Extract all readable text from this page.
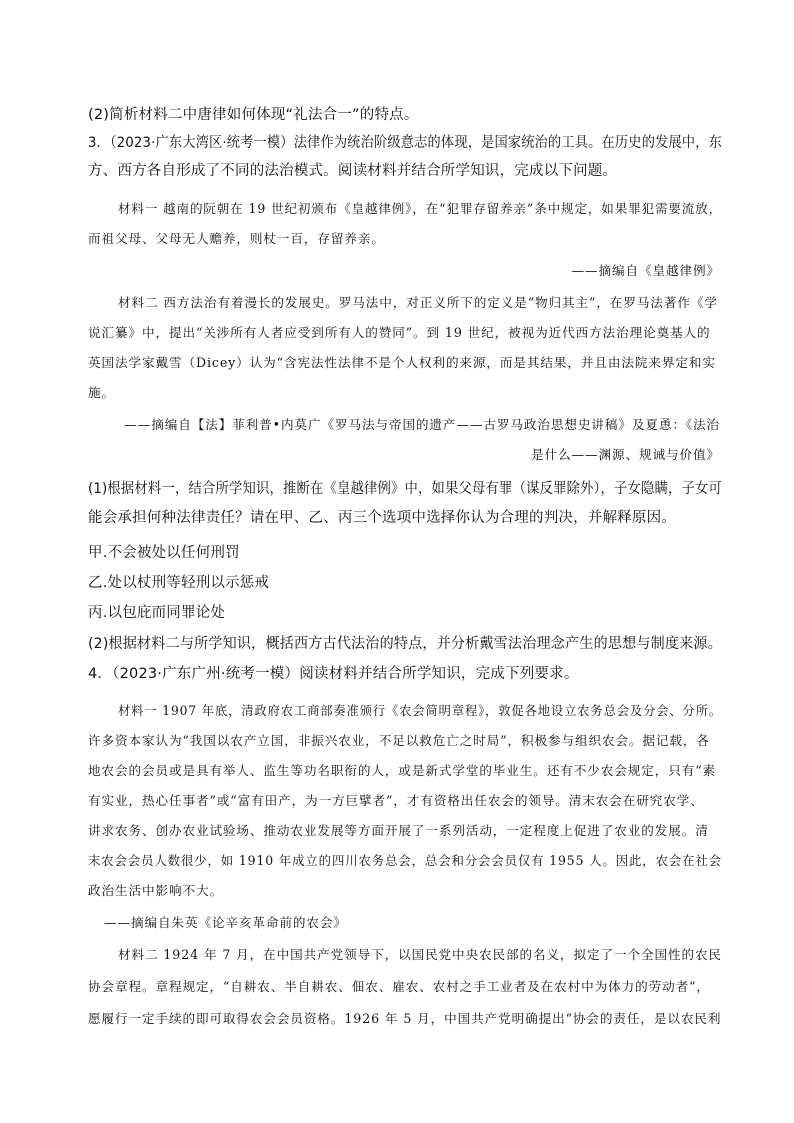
(2)简析材料二中唐律如何体现“礼法合一”的特点。
3．（2023·广东大湾区·统考一模）法律作为统治阶级意志的体现，是国家统治的工具。在历史的发展中，东
方、西方各自形成了不同的法治模式。阅读材料并结合所学知识，完成以下问题。
材料一 越南的阮朝在 19 世纪初颁布《皇越律例》，在“犯罪存留养亲”条中规定，如果罪犯需要流放，
而祖父母、父母无人赡养，则杖一百，存留养亲。
——摘编自《皇越律例》
材料二 西方法治有着漫长的发展史。罗马法中，对正义所下的定义是“物归其主”，在罗马法著作《学
说汇纂》中，提出“关涉所有人者应受到所有人的赞同”。到 19 世纪，被视为近代西方法治理论奠基人的
英国法学家戴雪（Dicey）认为“含宪法性法律不是个人权利的来源，而是其结果，并且由法院来界定和实
施。
——摘编自【法】菲利普•内莫广《罗马法与帝国的遗产——古罗马政治思想史讲稿》及夏恿：《法治
是什么——渊源、规诫与价值》
(1)根据材料一，结合所学知识，推断在《皇越律例》中，如果父母有罪（谋反罪除外），子女隐瞒，子女可
能会承担何种法律责任？请在甲、乙、丙三个选项中选择你认为合理的判决，并解释原因。
甲.不会被处以任何刑罚
乙.处以杖刑等轻刑以示惩戒
丙.以包庇而同罪论处
(2)根据材料二与所学知识，概括西方古代法治的特点，并分析戴雪法治理念产生的思想与制度来源。
4．（2023·广东广州·统考一模）阅读材料并结合所学知识，完成下列要求。
材料一 1907 年底，清政府农工商部奏准颁行《农会简明章程》，敦促各地设立农务总会及分会、分所。
许多资本家认为“我国以农产立国，非振兴农业，不足以救危亡之时局”，积极参与组织农会。据记载，各
地农会的会员或是具有举人、监生等功名职衔的人，或是新式学堂的毕业生。还有不少农会规定，只有“素
有实业，热心任事者”或“富有田产，为一方巨擘者”，才有资格出任农会的领导。清末农会在研究农学、
讲求农务、创办农业试验场、推动农业发展等方面开展了一系列活动，一定程度上促进了农业的发展。清
末农会会员人数很少，如 1910 年成立的四川农务总会，总会和分会会员仅有 1955 人。因此，农会在社会
政治生活中影响不大。
——摘编自朱英《论辛亥革命前的农会》
材料二 1924 年 7 月，在中国共产党领导下，以国民党中央农民部的名义，拟定了一个全国性的农民
协会章程。章程规定，“自耕农、半自耕农、佃农、雇农、农村之手工业者及在农村中为体力的劳动者”，
愿履行一定手续的即可取得农会会员资格。1926 年 5 月，中国共产党明确提出“协会的责任，是以农民利
